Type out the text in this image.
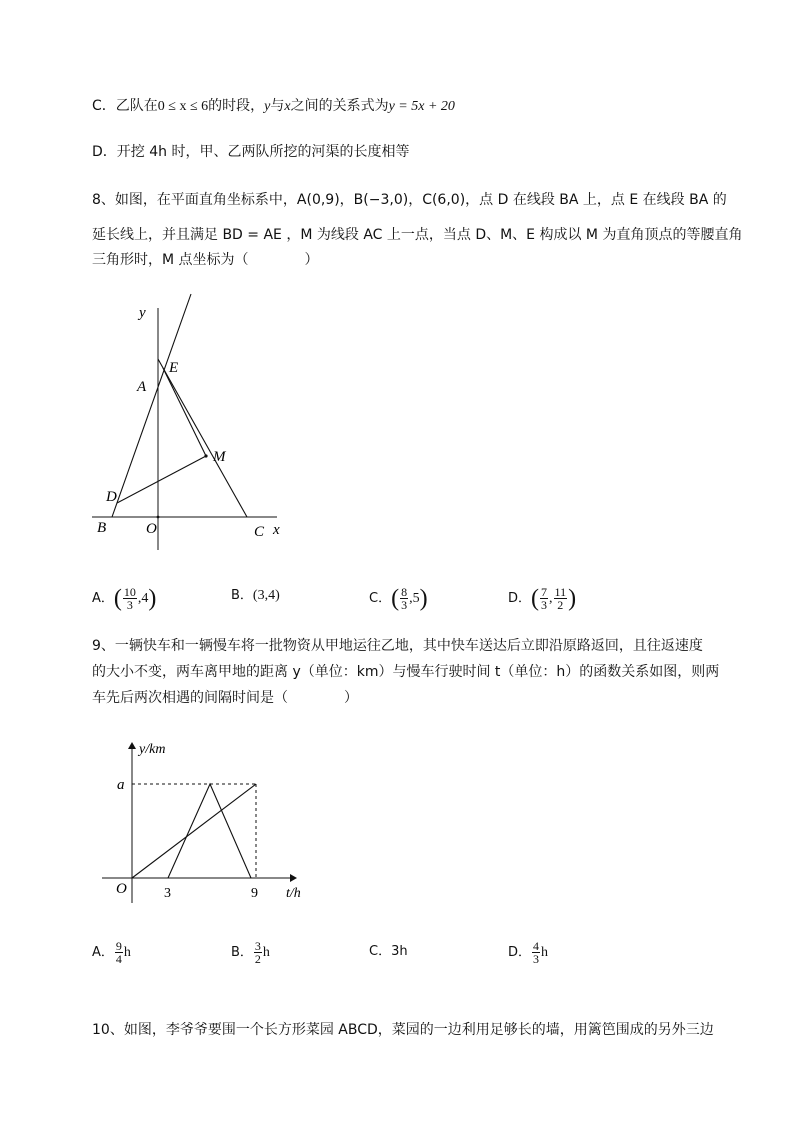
C．乙队在0 ≤ x ≤ 6的时段，y与x之间的关系式为y = 5x + 20
D．开挖 4h 时，甲、乙两队所挖的河渠的长度相等
8、如图，在平面直角坐标系中，A(0,9)，B(−3,0)，C(6,0)，点 D 在线段 BA 上，点 E 在线段 BA 的
延长线上，并且满足 BD = AE ，M 为线段 AC 上一点，当点 D、M、E 构成以 M 为直角顶点的等腰直角
三角形时，M 点坐标为（　　　　）
y
E
A
M
D
B	O	C x
A．( $\frac{10}{3} ,4$)	B．(3,4)	C．( $\frac{8}{3} ,5$)	D．( $\frac{7}{3}$ , $\frac{11}{2}$ )
9、一辆快车和一辆慢车将一批物资从甲地运往乙地，其中快车送达后立即沿原路返回，且往返速度
的大小不变，两车离甲地的距离 y（单位：km）与慢车行驶时间 t（单位：h）的函数关系如图，则两
车先后两次相遇的间隔时间是（　　　　）
y/km
a
O	3	9 t/h
A． $\frac{9}{4}$ h	B． $\frac{3}{2}$ h	C．3h	D． $\frac{4}{3}$ h
10、如图，李爷爷要围一个长方形菜园 ABCD，菜园的一边利用足够长的墙，用篱笆围成的另外三边
